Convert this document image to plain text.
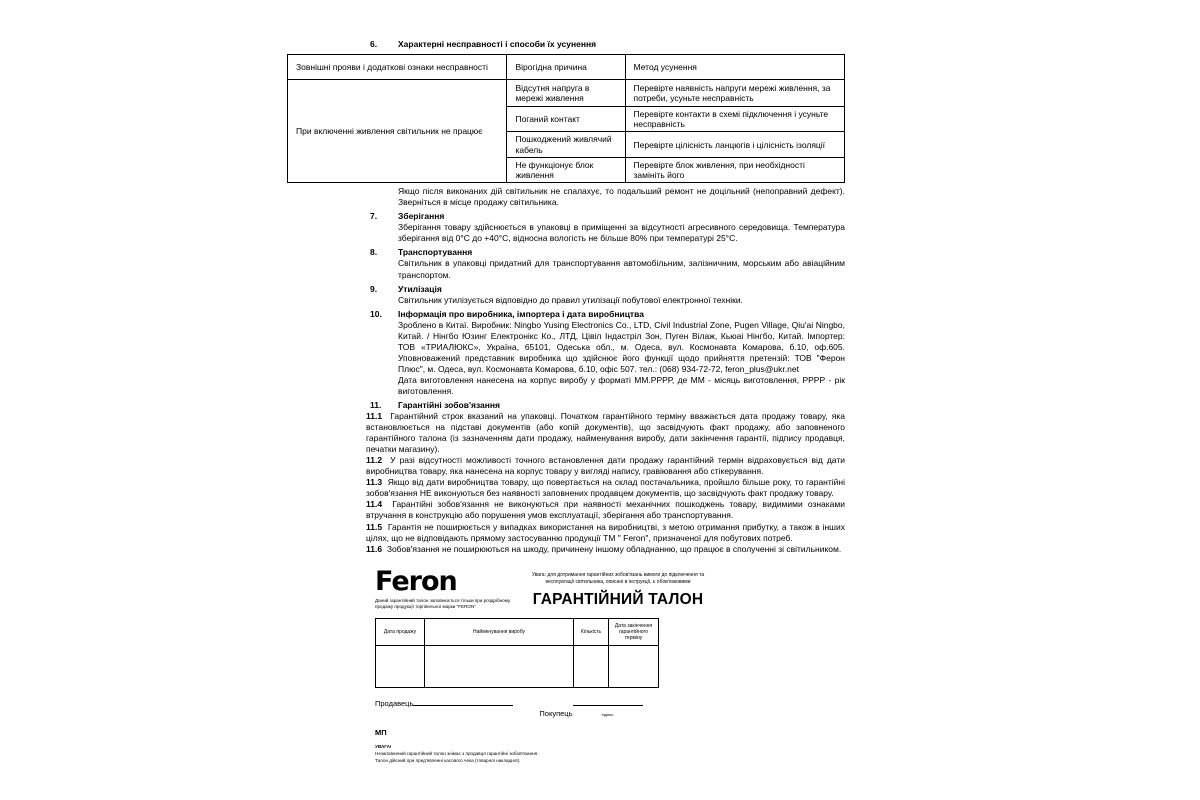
6.	Характерні несправності і способи їх усунення
Зовнішні прояви і додаткові ознаки несправності	Вірогідна причина	Метод усунення
При включенні живлення світильник не працює	Відсутня напруга в мережі живлення	Перевірте наявність напруги мережі живлення, за потреби, усуньте несправність
	Поганий контакт	Перевірте контакти в схемі підключення і усуньте несправність
	Пошкоджений живлячий кабель	Перевірте цілісність ланцюгів і цілісність ізоляції
	Не функціонує блок живлення	Перевірте блок живлення, при необхідності замініть його
Якщо після виконаних дій світильник не спалахує, то подальший ремонт не доцільний (непоправний дефект). Зверніться в місце продажу світильника.
7.	Зберігання
Зберігання товару здійснюється в упаковці в приміщенні за відсутності агресивного середовища. Температура зберігання від 0°С до +40°С, відносна вологість не більше 80% при температурі 25°С.
8.	Транспортування
Світильник в упаковці придатний для транспортування автомобільним, залізничним, морським або авіаційним транспортом.
9.	Утилізація
Світильник утилізується відповідно до правил утилізації побутової електронної техніки.
10.	Інформація про виробника, імпортера і дата виробництва
Зроблено в Китаї. Виробник: Ningbo Yusing Electronics Co., LTD, Civil Industrial Zone, Pugen Village, Qiu'ai Ningbo, Китай. / Нінгбо Юзинг Електронікс Ко., ЛТД, Цівіл Індастріл Зон, Пуген Вілаж, Кьюаі Нінгбо, Китай. Імпортер: ТОВ «ТРИАЛЮКС», Україна, 65101, Одеська обл., м. Одеса, вул. Космонавта Комарова, б.10, оф.605. Уповноважений представник виробника що здійснює його функції щодо прийняття претензій: ТОВ "Ферон Плюс", м. Одеса, вул. Космонавта Комарова, б.10, офіс 507. тел.: (068) 934-72-72, feron_plus@ukr.net
Дата виготовлення нанесена на корпус виробу у форматі ММ.РРРР, де ММ - місяць виготовлення, РРРР - рік виготовлення.
11.	Гарантійні зобов'язання
11.1 Гарантійний строк вказаний на упаковці. Початком гарантійного терміну вважається дата продажу товару, яка встановлюється на підставі документів (або копій документів), що засвідчують факт продажу, або заповненого гарантійного талона (із зазначенням дати продажу, найменування виробу, дати закінчення гарантії, підпису продавця, печатки магазину).
11.2 У разі відсутності можливості точного встановлення дати продажу гарантійний термін відраховується від дати виробництва товару, яка нанесена на корпус товару у вигляді напису, гравіювання або стікерування.
11.3 Якщо від дати виробництва товару, що повертається на склад постачальника, пройшло більше року, то гарантійні зобов'язання НЕ виконуються без наявності заповнених продавцем документів, що засвідчують факт продажу товару.
11.4 Гарантійні зобов'язання не виконуються при наявності механічних пошкоджень товару, видимими ознаками втручання в конструкцію або порушення умов експлуатації, зберігання або транспортування.
11.5 Гарантія не поширюється у випадках використання на виробництві, з метою отримання прибутку, а також в інших цілях, що не відповідають прямому застосуванню продукції ТМ " Feron", призначеної для побутових потреб.
11.6 Зобов'язання не поширюються на шкоду, причинену іншому обладнанню, що працює в сполученні зі світильником.
Feron
Даний гарантійний талон заповнюється тільки при роздрібному продажу продукції торгівельної марки "FERON"
Увага: для дотримання гарантійних зобов'язань вимоги до підключення та експлуатації світильника, описані в інструкції, є обов'язковими
ГАРАНТІЙНИЙ ТАЛОН
Дата продажу	Найменування виробу	Кількість	Дата закінчення гарантійного терміну

Продавець
Покупець	підпис
МП
УВАГА!
Незаповнений гарантійний талон знімає з продавця гарантійні зобов'язання.
Талон дійсний при пред'явленні касового чека (товарної накладної).
